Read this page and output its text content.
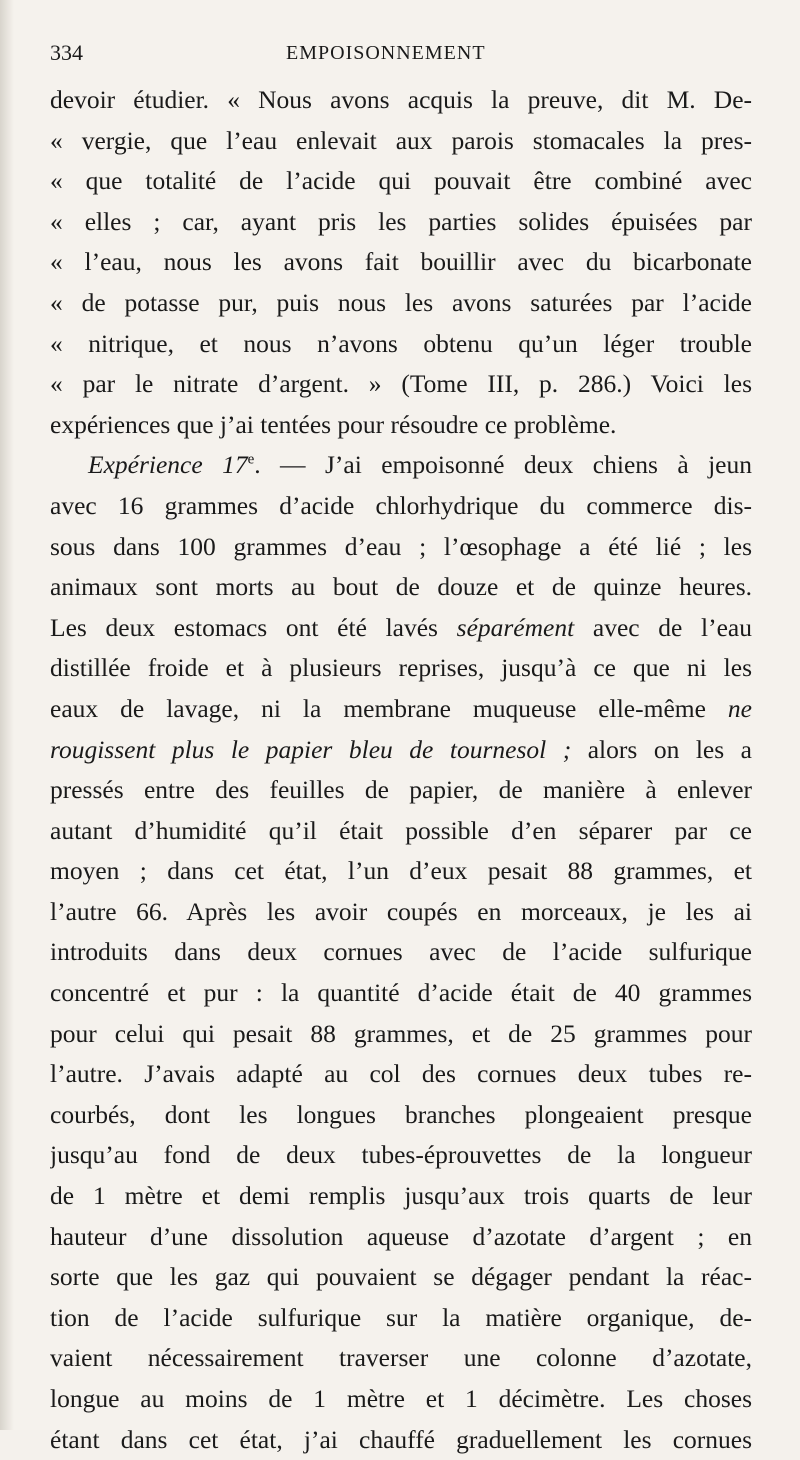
334	EMPOISONNEMENT
devoir étudier. « Nous avons acquis la preuve, dit M. De-
« vergie, que l’eau enlevait aux parois stomacales la pres-
« que totalité de l’acide qui pouvait être combiné avec
« elles ; car, ayant pris les parties solides épuisées par
« l’eau, nous les avons fait bouillir avec du bicarbonate
« de potasse pur, puis nous les avons saturées par l’acide
« nitrique, et nous n’avons obtenu qu’un léger trouble
« par le nitrate d’argent. » (Tome III, p. 286.) Voici les
expériences que j’ai tentées pour résoudre ce problème.
Expérience 17e. — J’ai empoisonné deux chiens à jeun
avec 16 grammes d’acide chlorhydrique du commerce dis-
sous dans 100 grammes d’eau ; l’œsophage a été lié ; les
animaux sont morts au bout de douze et de quinze heures.
Les deux estomacs ont été lavés séparément avec de l’eau
distillée froide et à plusieurs reprises, jusqu’à ce que ni les
eaux de lavage, ni la membrane muqueuse elle-même ne
rougissent plus le papier bleu de tournesol ; alors on les a
pressés entre des feuilles de papier, de manière à enlever
autant d’humidité qu’il était possible d’en séparer par ce
moyen ; dans cet état, l’un d’eux pesait 88 grammes, et
l’autre 66. Après les avoir coupés en morceaux, je les ai
introduits dans deux cornues avec de l’acide sulfurique
concentré et pur : la quantité d’acide était de 40 grammes
pour celui qui pesait 88 grammes, et de 25 grammes pour
l’autre. J’avais adapté au col des cornues deux tubes re-
courbés, dont les longues branches plongeaient presque
jusqu’au fond de deux tubes-éprouvettes de la longueur
de 1 mètre et demi remplis jusqu’aux trois quarts de leur
hauteur d’une dissolution aqueuse d’azotate d’argent ; en
sorte que les gaz qui pouvaient se dégager pendant la réac-
tion de l’acide sulfurique sur la matière organique, de-
vaient nécessairement traverser une colonne d’azotate,
longue au moins de 1 mètre et 1 décimètre. Les choses
étant dans cet état, j’ai chauffé graduellement les cornues
